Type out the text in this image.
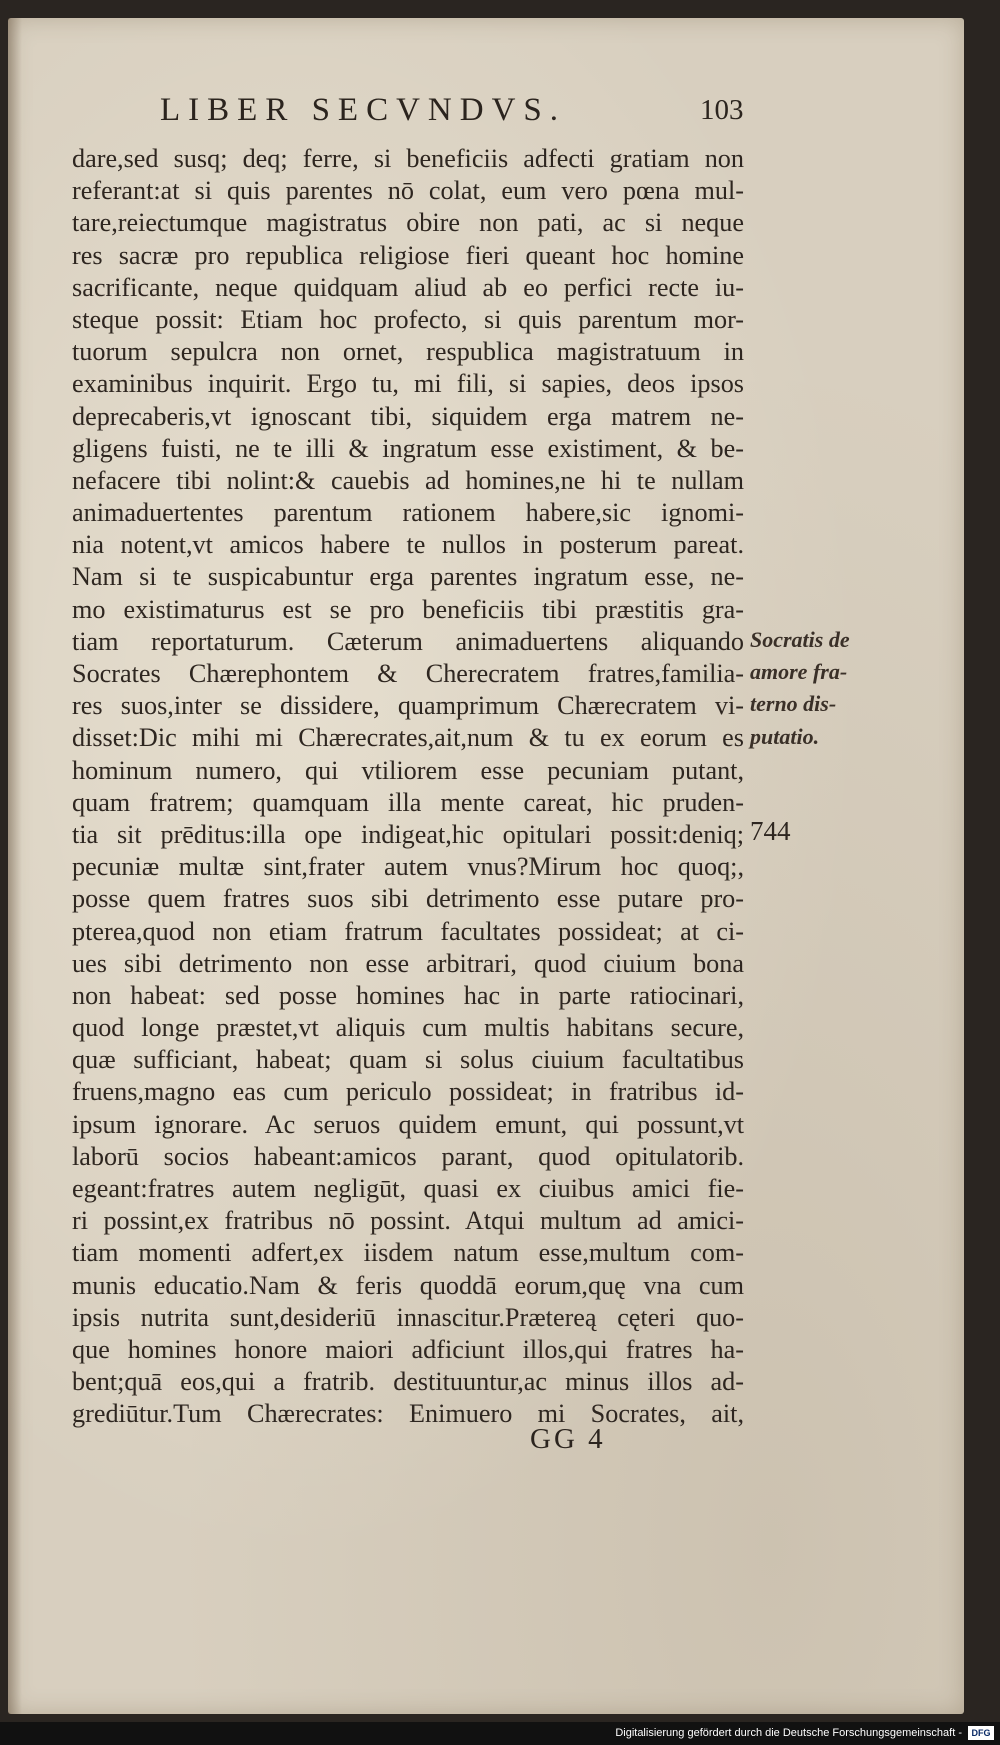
LIBER SECVNDVS.	103
dare,sed susq; deq; ferre, si beneficiis adfecti gratiam non
referant:at si quis parentes nō colat, eum vero pœna mul-
tare,reiectumque magistratus obire non pati, ac si neque
res sacræ pro republica religiose fieri queant hoc homine
sacrificante, neque quidquam aliud ab eo perfici recte iu-
steque possit: Etiam hoc profecto, si quis parentum mor-
tuorum sepulcra non ornet, respublica magistratuum in
examinibus inquirit. Ergo tu, mi fili, si sapies, deos ipsos
deprecaberis,vt ignoscant tibi, siquidem erga matrem ne-
gligens fuisti, ne te illi & ingratum esse existiment, & be-
nefacere tibi nolint:& cauebis ad homines,ne hi te nullam
animaduertentes parentum rationem habere,sic ignomi-
nia notent,vt amicos habere te nullos in posterum pareat.
Nam si te suspicabuntur erga parentes ingratum esse, ne-
mo existimaturus est se pro beneficiis tibi præstitis gra-
tiam reportaturum. Cæterum animaduertens aliquando
Socrates Chærephontem & Cherecratem fratres,familia-
res suos,inter se dissidere, quamprimum Chærecratem vi-
disset:Dic mihi mi Chærecrates,ait,num & tu ex eorum es
hominum numero, qui vtiliorem esse pecuniam putant,
quam fratrem; quamquam illa mente careat, hic pruden-
tia sit prēditus:illa ope indigeat,hic opitulari possit:deniq;
pecuniæ multæ sint,frater autem vnus?Mirum hoc quoq;,
posse quem fratres suos sibi detrimento esse putare pro-
pterea,quod non etiam fratrum facultates possideat; at ci-
ues sibi detrimento non esse arbitrari, quod ciuium bona
non habeat: sed posse homines hac in parte ratiocinari,
quod longe præstet,vt aliquis cum multis habitans secure,
quæ sufficiant, habeat; quam si solus ciuium facultatibus
fruens,magno eas cum periculo possideat; in fratribus id-
ipsum ignorare. Ac seruos quidem emunt, qui possunt,vt
laborū socios habeant:amicos parant, quod opitulatorib.
egeant:fratres autem negligūt, quasi ex ciuibus amici fie-
ri possint,ex fratribus nō possint. Atqui multum ad amici-
tiam momenti adfert,ex iisdem natum esse,multum com-
munis educatio.Nam & feris quoddā eorum,quę vna cum
ipsis nutrita sunt,desideriū innascitur.Prætereą cęteri quo-
que homines honore maiori adficiunt illos,qui fratres ha-
bent;quā eos,qui a fratrib. destituuntur,ac minus illos ad-
grediūtur.Tum Chærecrates: Enimuero mi Socrates, ait,
Socratis de
amore fra-
terno dis-
putatio.
744
GG 4
Digitalisierung gefördert durch die Deutsche Forschungsgemeinschaft -	DFG
